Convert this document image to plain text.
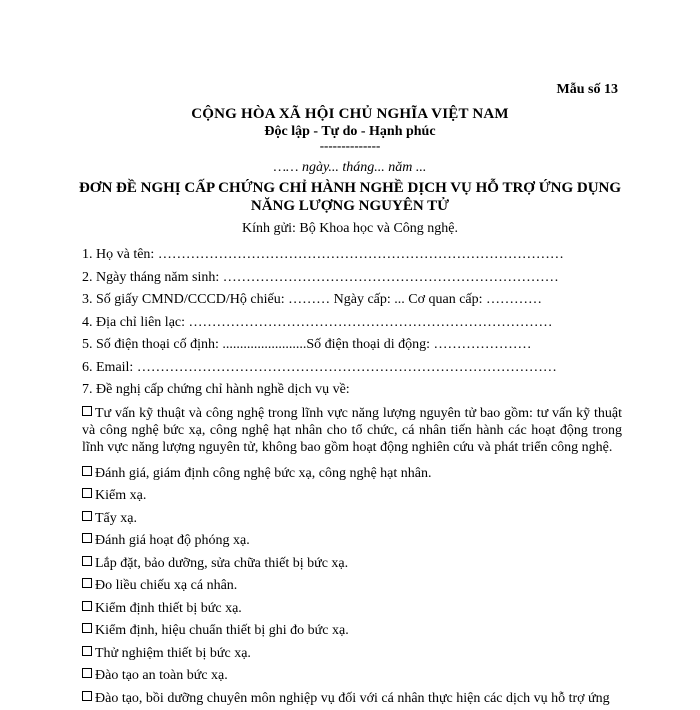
Mẫu số 13
CỘNG HÒA XÃ HỘI CHỦ NGHĨA VIỆT NAM
Độc lập - Tự do - Hạnh phúc
--------------
…… ngày... tháng... năm ...
ĐƠN ĐỀ NGHỊ CẤP CHỨNG CHỈ HÀNH NGHỀ DỊCH VỤ HỖ TRỢ ỨNG DỤNG
NĂNG LƯỢNG NGUYÊN TỬ
Kính gửi: Bộ Khoa học và Công nghệ.
1. Họ và tên: ……………………………………………………………………………
2. Ngày tháng năm sinh: ………………………………………………………………
3. Số giấy CMND/CCCD/Hộ chiếu: ……… Ngày cấp: ... Cơ quan cấp: …………
4. Địa chỉ liên lạc: ……………………………………………………………………
5. Số điện thoại cố định: ........................Số điện thoại di động: …………………
6. Email: ………………………………………………………………………………
7. Đề nghị cấp chứng chỉ hành nghề dịch vụ về:
Tư vấn kỹ thuật và công nghệ trong lĩnh vực năng lượng nguyên tử bao gồm: tư vấn kỹ thuật và công nghệ bức xạ, công nghệ hạt nhân cho tổ chức, cá nhân tiến hành các hoạt động trong lĩnh vực năng lượng nguyên tử, không bao gồm hoạt động nghiên cứu và phát triển công nghệ.
Đánh giá, giám định công nghệ bức xạ, công nghệ hạt nhân.
Kiểm xạ.
Tẩy xạ.
Đánh giá hoạt độ phóng xạ.
Lắp đặt, bảo dưỡng, sửa chữa thiết bị bức xạ.
Đo liều chiếu xạ cá nhân.
Kiểm định thiết bị bức xạ.
Kiểm định, hiệu chuẩn thiết bị ghi đo bức xạ.
Thử nghiệm thiết bị bức xạ.
Đào tạo an toàn bức xạ.
Đào tạo, bồi dưỡng chuyên môn nghiệp vụ đối với cá nhân thực hiện các dịch vụ hỗ trợ ứng
